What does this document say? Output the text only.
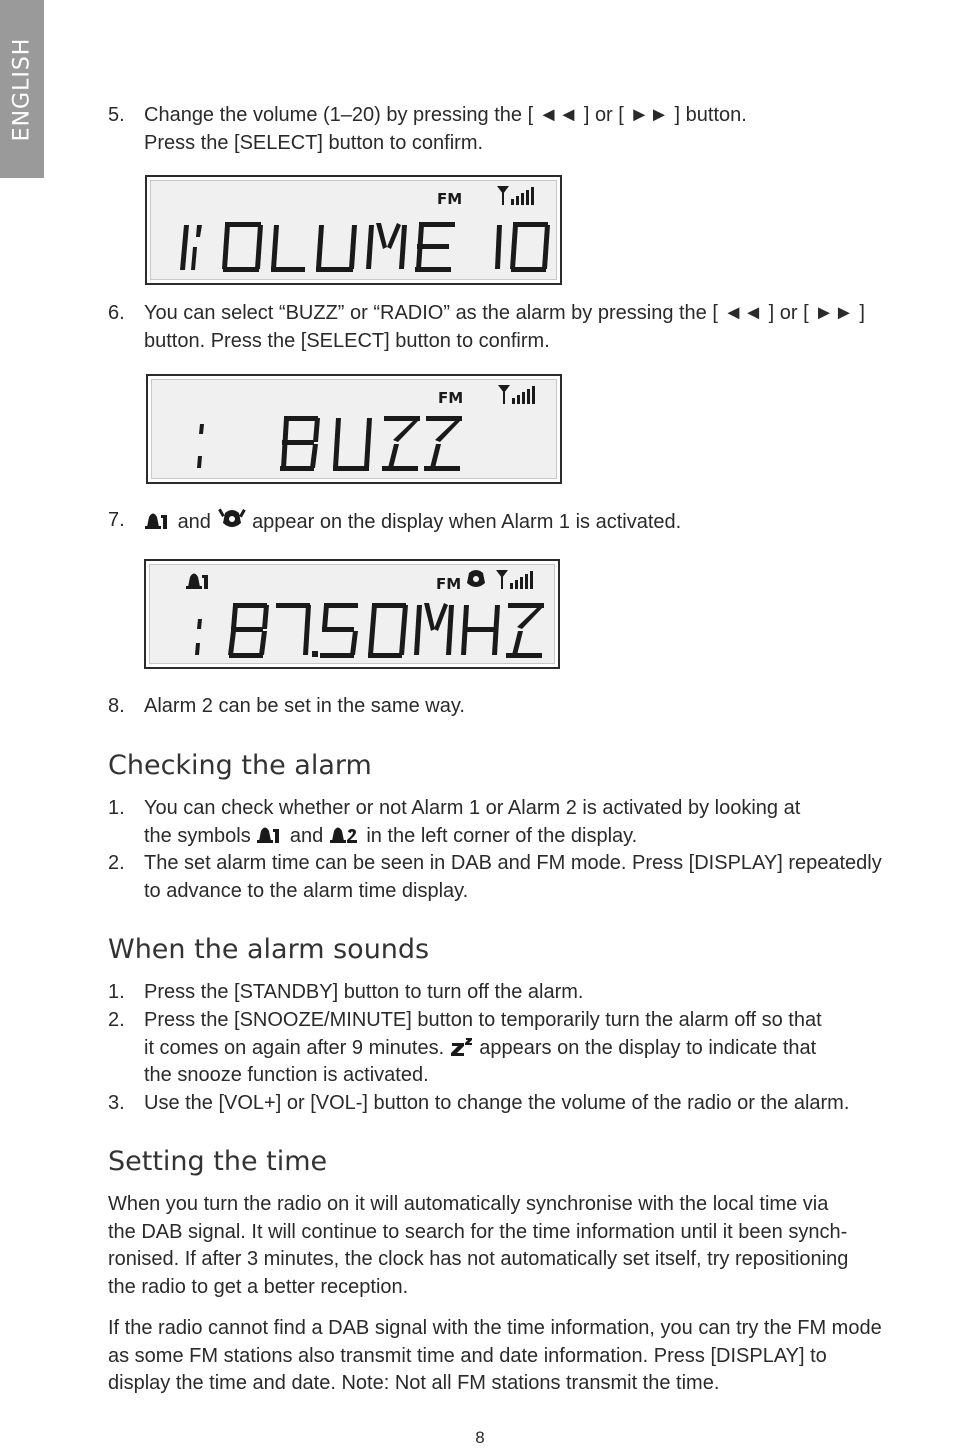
ENGLISH	5. Change the volume (1–20) by pressing the [ ◄◄ ] or [ ►► ] button.
Press the [SELECT] button to confirm.
FM
6. You can select “BUZZ” or “RADIO” as the alarm by pressing the [ ◄◄ ] or [ ►► ]
button. Press the [SELECT] button to confirm.
FM
7.	and appear on the display when Alarm 1 is activated.
FM
8. Alarm 2 can be set in the same way.
Checking the alarm
1. You can check whether or not Alarm 1 or Alarm 2 is activated by looking at
the symbols and in the left corner of the display.
2. The set alarm time can be seen in DAB and FM mode. Press [DISPLAY] repeatedly
to advance to the alarm time display.
When the alarm sounds
1. Press the [STANDBY] button to turn off the alarm.
2. Press the [SNOOZE/MINUTE] button to temporarily turn the alarm off so that
it comes on again after 9 minutes. appears on the display to indicate that
the snooze function is activated.
3. Use the [VOL+] or [VOL-] button to change the volume of the radio or the alarm.
Setting the time
When you turn the radio on it will automatically synchronise with the local time via
the DAB signal. It will continue to search for the time information until it been synch-
ronised. If after 3 minutes, the clock has not automatically set itself, try repositioning
the radio to get a better reception.
If the radio cannot find a DAB signal with the time information, you can try the FM mode
as some FM stations also transmit time and date information. Press [DISPLAY] to
display the time and date. Note: Not all FM stations transmit the time.
8
